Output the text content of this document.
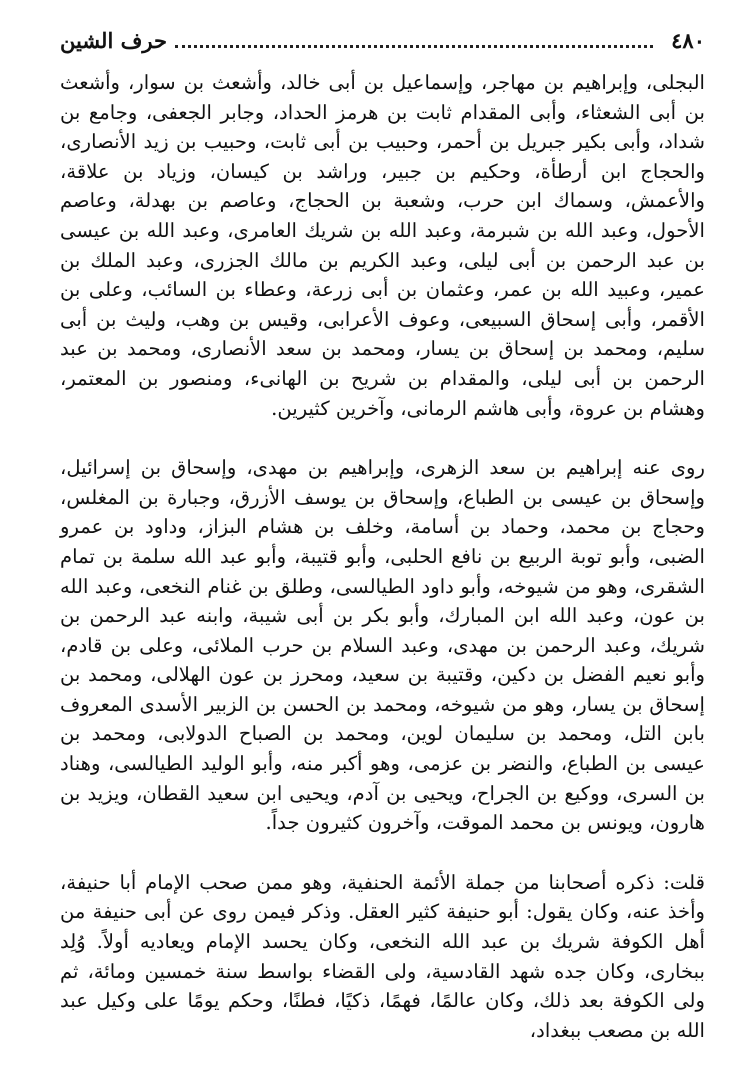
٤٨٠
حرف الشين

البجلى، وإبراهيم بن مهاجر، وإسماعيل بن أبى خالد، وأشعث بن سوار، وأشعث بن أبى الشعثاء، وأبى المقدام ثابت بن هرمز الحداد، وجابر الجعفى، وجامع بن شداد، وأبى بكير جبريل بن أحمر، وحبيب بن أبى ثابت، وحبيب بن زيد الأنصارى، والحجاج ابن أرطأة، وحكيم بن جبير، وراشد بن كيسان، وزياد بن علاقة، والأعمش، وسماك ابن حرب، وشعبة بن الحجاج، وعاصم بن بهدلة، وعاصم الأحول، وعبد الله بن شبرمة، وعبد الله بن شريك العامرى، وعبد الله بن عيسى بن عبد الرحمن بن أبى ليلى، وعبد الكريم بن مالك الجزرى، وعبد الملك بن عمير، وعبيد الله بن عمر، وعثمان بن أبى زرعة، وعطاء بن السائب، وعلى بن الأقمر، وأبى إسحاق السبيعى، وعوف الأعرابى، وقيس بن وهب، وليث بن أبى سليم، ومحمد بن إسحاق بن يسار، ومحمد بن سعد الأنصارى، ومحمد بن عبد الرحمن بن أبى ليلى، والمقدام بن شريح بن الهانىء، ومنصور بن المعتمر، وهشام بن عروة، وأبى هاشم الرمانى، وآخرين كثيرين.

روى عنه إبراهيم بن سعد الزهرى، وإبراهيم بن مهدى، وإسحاق بن إسرائيل، وإسحاق بن عيسى بن الطباع، وإسحاق بن يوسف الأزرق، وجبارة بن المغلس، وحجاج بن محمد، وحماد بن أسامة، وخلف بن هشام البزاز، وداود بن عمرو الضبى، وأبو توبة الربيع بن نافع الحلبى، وأبو قتيبة، وأبو عبد الله سلمة بن تمام الشقرى، وهو من شيوخه، وأبو داود الطيالسى، وطلق بن غنام النخعى، وعبد الله بن عون، وعبد الله ابن المبارك، وأبو بكر بن أبى شيبة، وابنه عبد الرحمن بن شريك، وعبد الرحمن بن مهدى، وعبد السلام بن حرب الملائى، وعلى بن قادم، وأبو نعيم الفضل بن دكين، وقتيبة بن سعيد، ومحرز بن عون الهلالى، ومحمد بن إسحاق بن يسار، وهو من شيوخه، ومحمد بن الحسن بن الزبير الأسدى المعروف بابن التل، ومحمد بن سليمان لوين، ومحمد بن الصباح الدولابى، ومحمد بن عيسى بن الطباع، والنضر بن عزمى، وهو أكبر منه، وأبو الوليد الطيالسى، وهناد بن السرى، ووكيع بن الجراح، ويحيى بن آدم، ويحيى ابن سعيد القطان، ويزيد بن هارون، ويونس بن محمد الموقت، وآخرون كثيرون جداً.

قلت: ذكره أصحابنا من جملة الأئمة الحنفية، وهو ممن صحب الإمام أبا حنيفة، وأخذ عنه، وكان يقول: أبو حنيفة كثير العقل. وذكر فيمن روى عن أبى حنيفة من أهل الكوفة شريك بن عبد الله النخعى، وكان يحسد الإمام ويعاديه أولاً. وُلِد ببخارى، وكان جده شهد القادسية، ولى القضاء بواسط سنة خمسين ومائة، ثم ولى الكوفة بعد ذلك، وكان عالمًا، فهمًا، ذكيًا، فطنًا، وحكم يومًا على وكيل عبد الله بن مصعب ببغداد،
